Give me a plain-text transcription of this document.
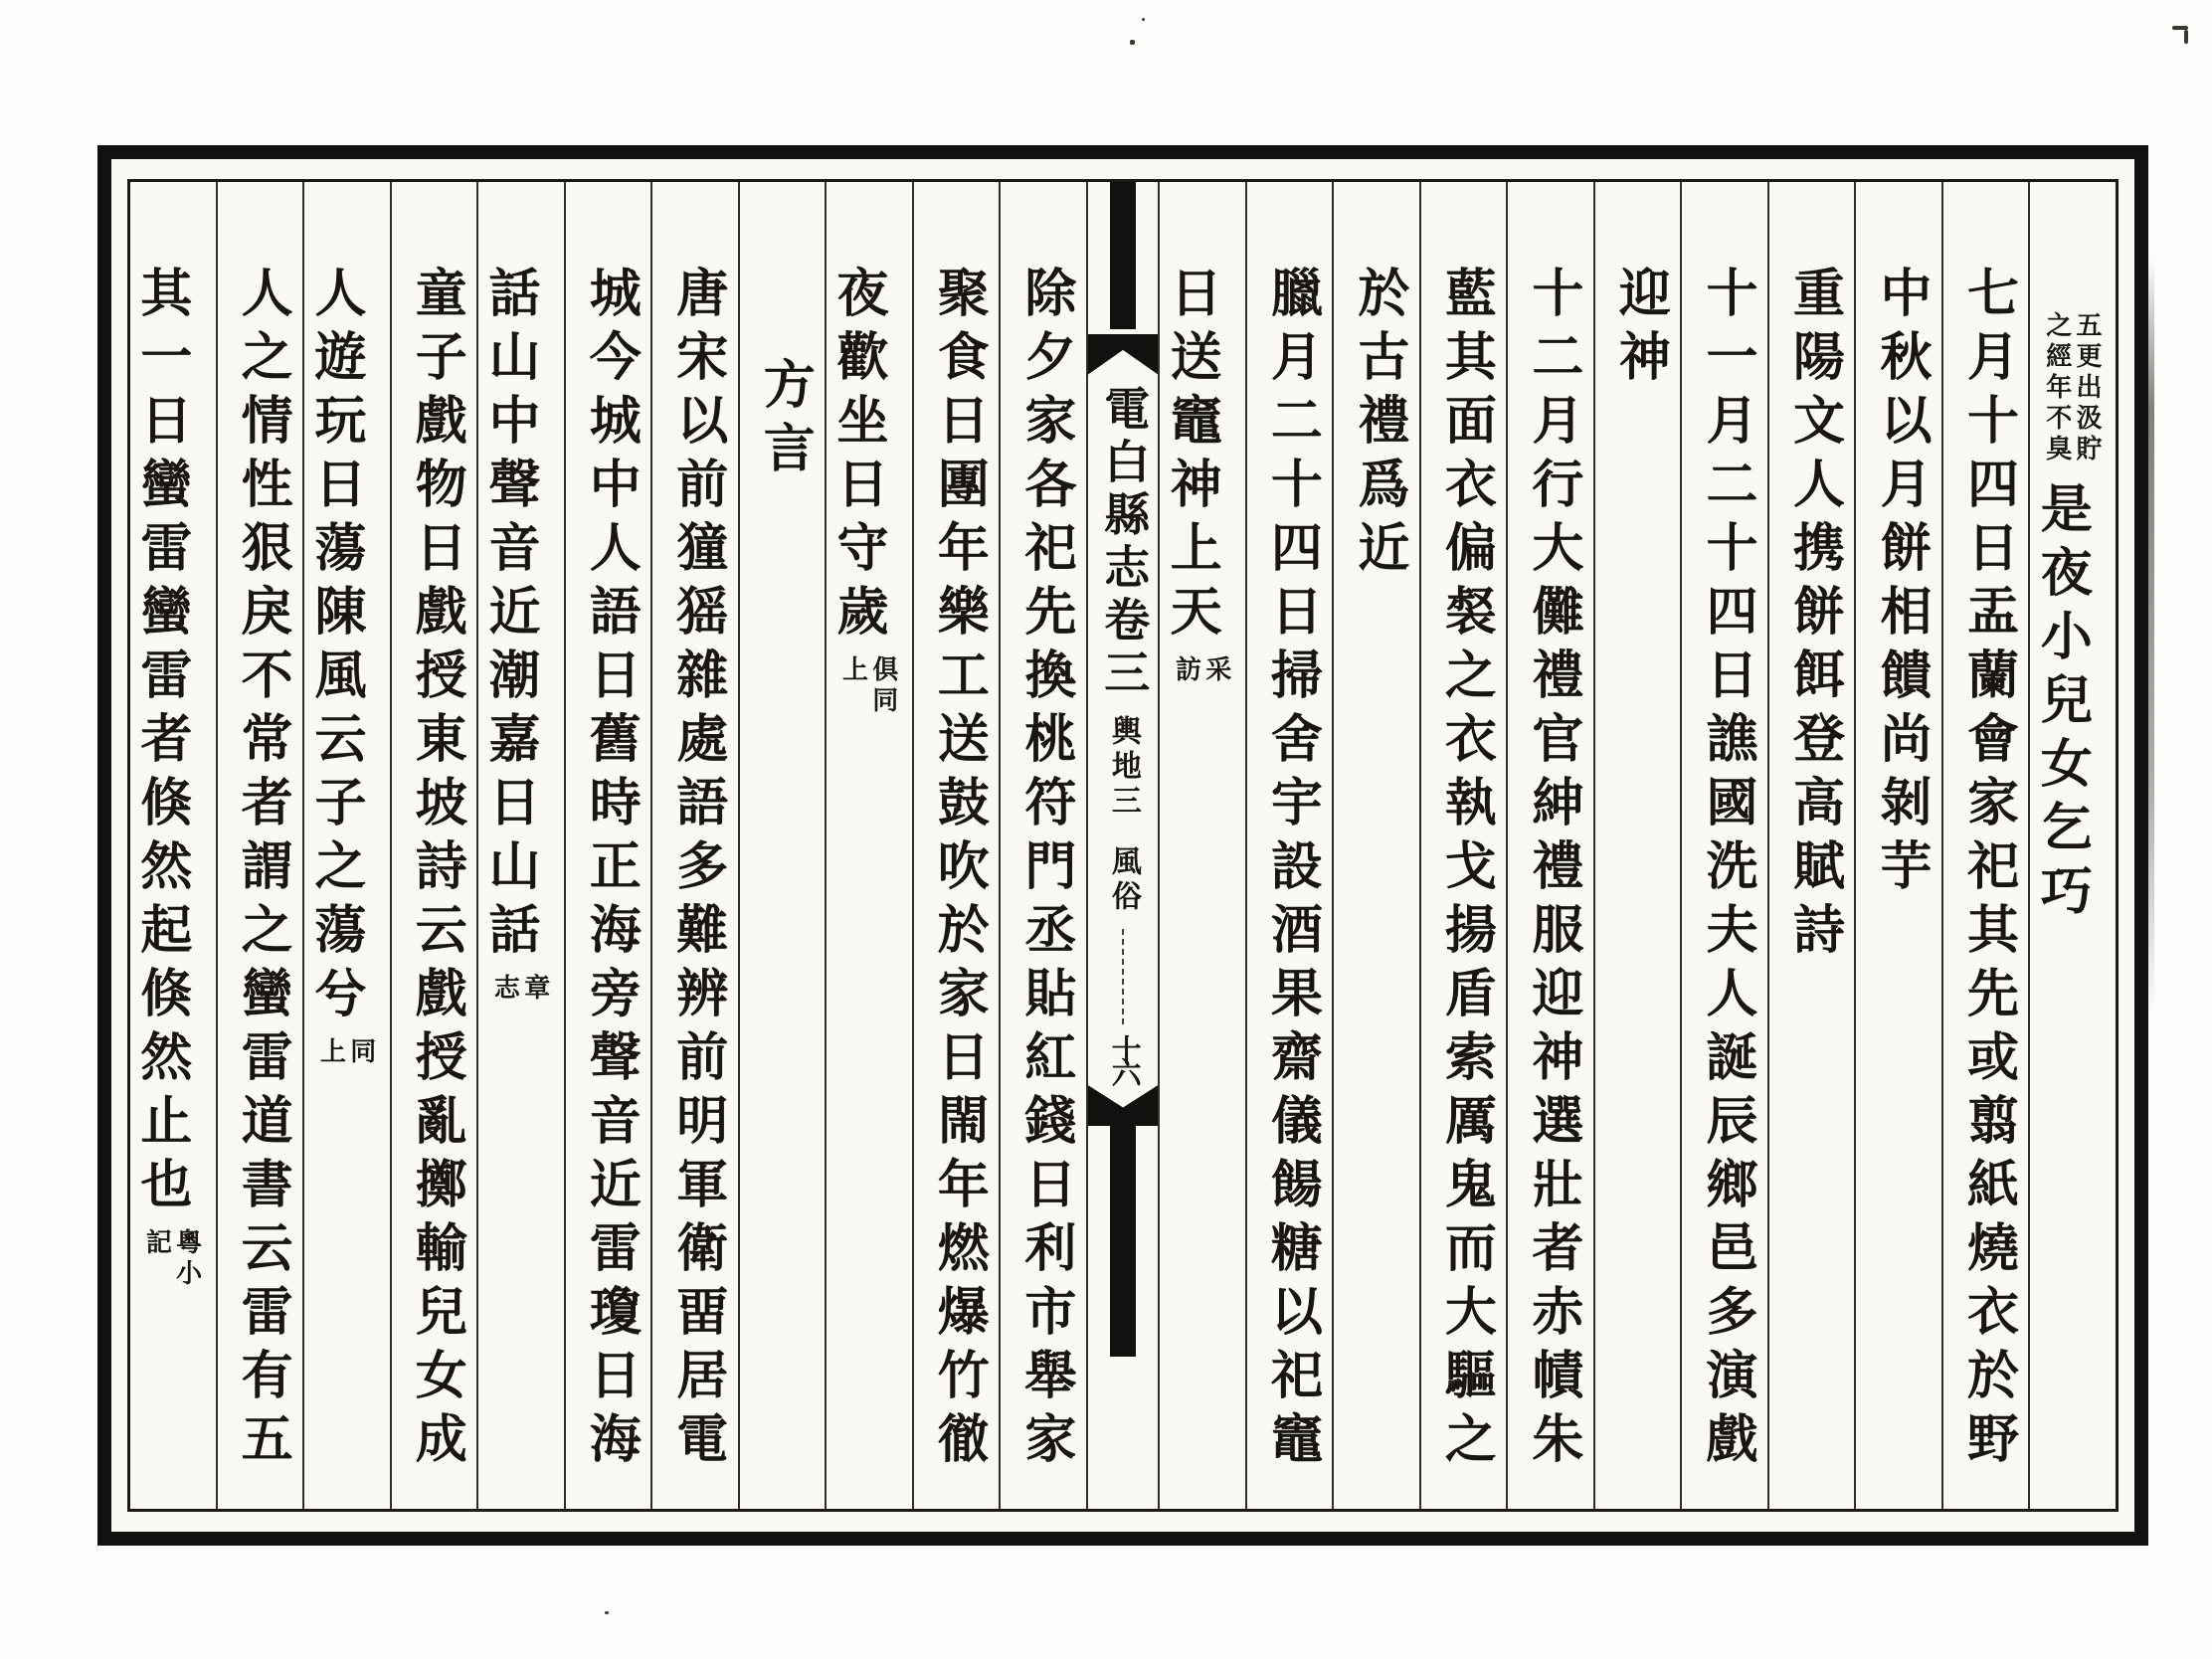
五更出汲貯
之經年不臭
是夜小兒女乞巧
七月十四日盂蘭會家祀其先或翦紙燒衣於野
中秋以月餅相饋尚剝芋
重陽文人携餅餌登高賦詩
十一月二十四日譙國洗夫人誕辰鄉邑多演戲
迎神
十二月行大儺禮官紳禮服迎神選壯者赤幘朱
藍其面衣偏裻之衣執戈揚盾索厲鬼而大驅之
於古禮爲近
臘月二十四日掃舍宇設酒果齋儀餳糖以祀竈
日送竈神上天
采
訪
電白縣志卷三
輿地三
風俗
十六
除夕家各祀先換桃符門丞貼紅錢日利市舉家
聚食日團年樂工送鼓吹於家日閙年燃爆竹徹
夜歡坐日守歲
俱同
上
方言
唐宋以前獞猺雜處語多難辨前明軍衛畱居電
城今城中人語日舊時正海旁聲音近雷瓊日海
話山中聲音近潮嘉日山話
章
志
童子戲物日戲授東坡詩云戲授亂擲輸兒女成
人遊玩日蕩陳風云子之蕩兮
同
上
人之情性狠戾不常者謂之蠻雷道書云雷有五
其一日蠻雷蠻雷者倏然起倏然止也
粵小
記
